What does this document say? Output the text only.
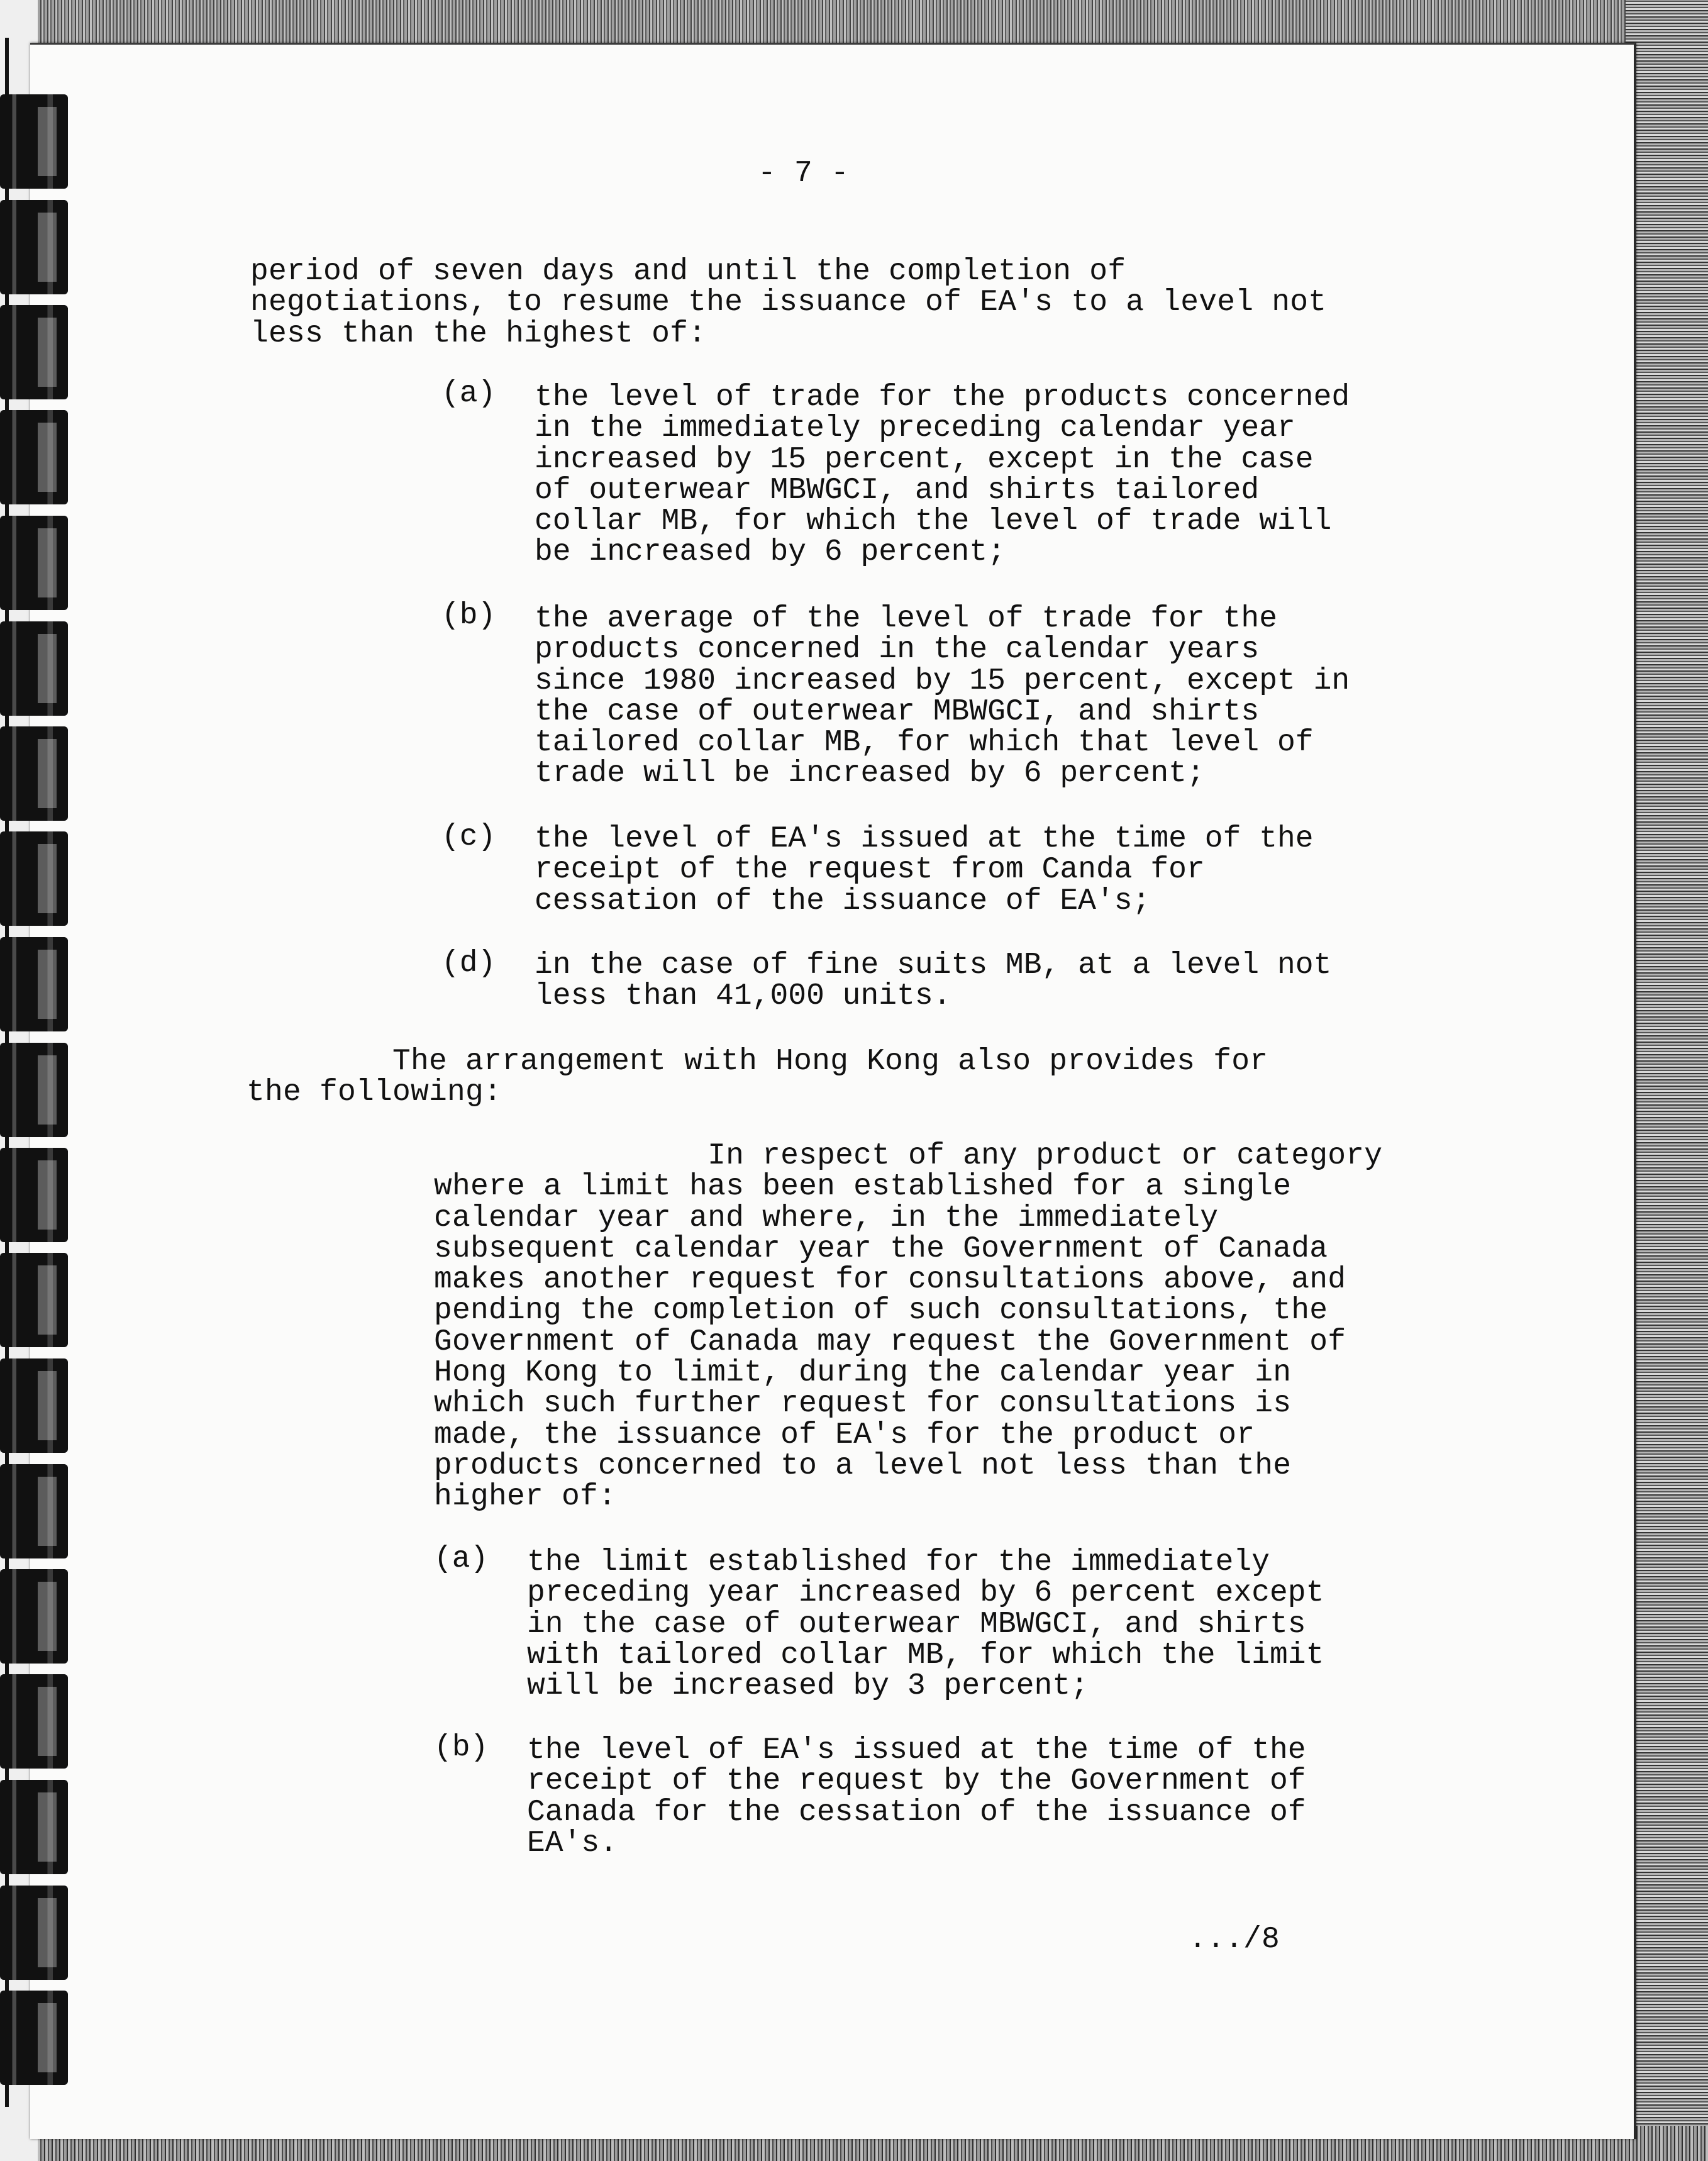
- 7 -
period of seven days and until the completion of
negotiations, to resume the issuance of EA's to a level not
less than the highest of:
(a) the level of trade for the products concerned
in the immediately preceding calendar year
increased by 15 percent, except in the case
of outerwear MBWGCI, and shirts tailored
collar MB, for which the level of trade will
be increased by 6 percent;
(b) the average of the level of trade for the
products concerned in the calendar years
since 1980 increased by 15 percent, except in
the case of outerwear MBWGCI, and shirts
tailored collar MB, for which that level of
trade will be increased by 6 percent;
(c) the level of EA's issued at the time of the
receipt of the request from Canda for
cessation of the issuance of EA's;
(d) in the case of fine suits MB, at a level not
less than 41,000 units.
The arrangement with Hong Kong also provides for
the following:
In respect of any product or category
where a limit has been established for a single
calendar year and where, in the immediately
subsequent calendar year the Government of Canada
makes another request for consultations above, and
pending the completion of such consultations, the
Government of Canada may request the Government of
Hong Kong to limit, during the calendar year in
which such further request for consultations is
made, the issuance of EA's for the product or
products concerned to a level not less than the
higher of:
(a) the limit established for the immediately
preceding year increased by 6 percent except
in the case of outerwear MBWGCI, and shirts
with tailored collar MB, for which the limit
will be increased by 3 percent;
(b) the level of EA's issued at the time of the
receipt of the request by the Government of
Canada for the cessation of the issuance of
EA's.
.../8
